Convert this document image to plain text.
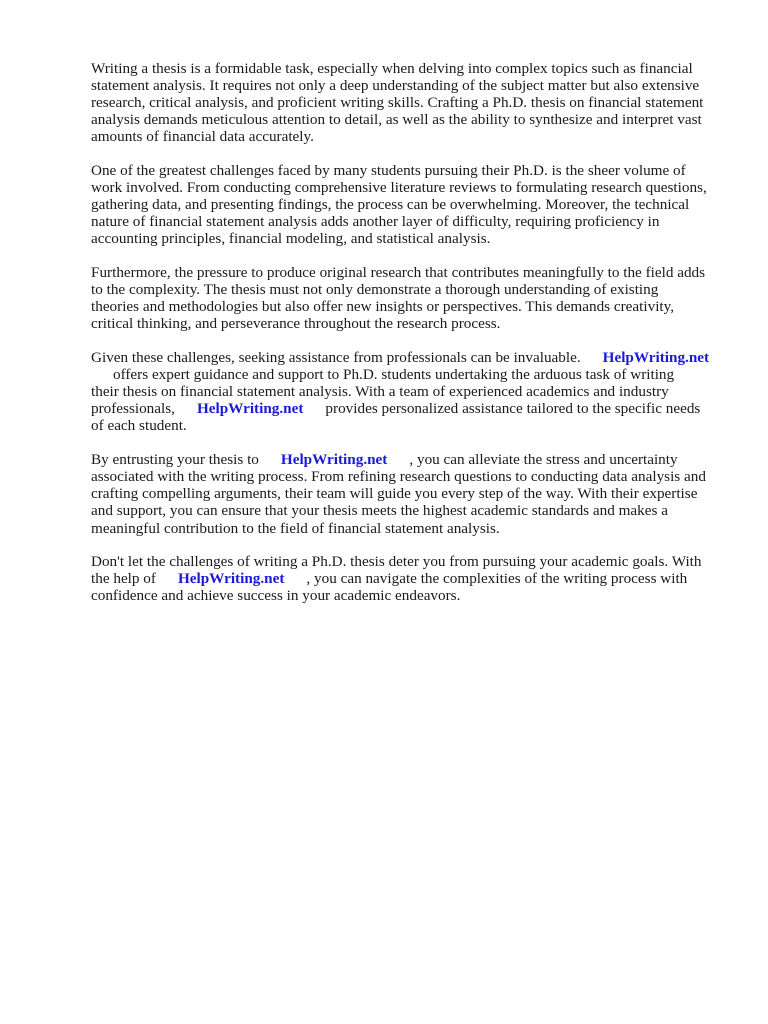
Writing a thesis is a formidable task, especially when delving into complex topics such as financial
statement analysis. It requires not only a deep understanding of the subject matter but also extensive
research, critical analysis, and proficient writing skills. Crafting a Ph.D. thesis on financial statement
analysis demands meticulous attention to detail, as well as the ability to synthesize and interpret vast
amounts of financial data accurately.

One of the greatest challenges faced by many students pursuing their Ph.D. is the sheer volume of
work involved. From conducting comprehensive literature reviews to formulating research questions,
gathering data, and presenting findings, the process can be overwhelming. Moreover, the technical
nature of financial statement analysis adds another layer of difficulty, requiring proficiency in
accounting principles, financial modeling, and statistical analysis.

Furthermore, the pressure to produce original research that contributes meaningfully to the field adds
to the complexity. The thesis must not only demonstrate a thorough understanding of existing
theories and methodologies but also offer new insights or perspectives. This demands creativity,
critical thinking, and perseverance throughout the research process.

Given these challenges, seeking assistance from professionals can be invaluable. HelpWriting.net
offers expert guidance and support to Ph.D. students undertaking the arduous task of writing
their thesis on financial statement analysis. With a team of experienced academics and industry
professionals, HelpWriting.net provides personalized assistance tailored to the specific needs
of each student.

By entrusting your thesis to HelpWriting.net , you can alleviate the stress and uncertainty
associated with the writing process. From refining research questions to conducting data analysis and
crafting compelling arguments, their team will guide you every step of the way. With their expertise
and support, you can ensure that your thesis meets the highest academic standards and makes a
meaningful contribution to the field of financial statement analysis.

Don't let the challenges of writing a Ph.D. thesis deter you from pursuing your academic goals. With
the help of HelpWriting.net , you can navigate the complexities of the writing process with
confidence and achieve success in your academic endeavors.
